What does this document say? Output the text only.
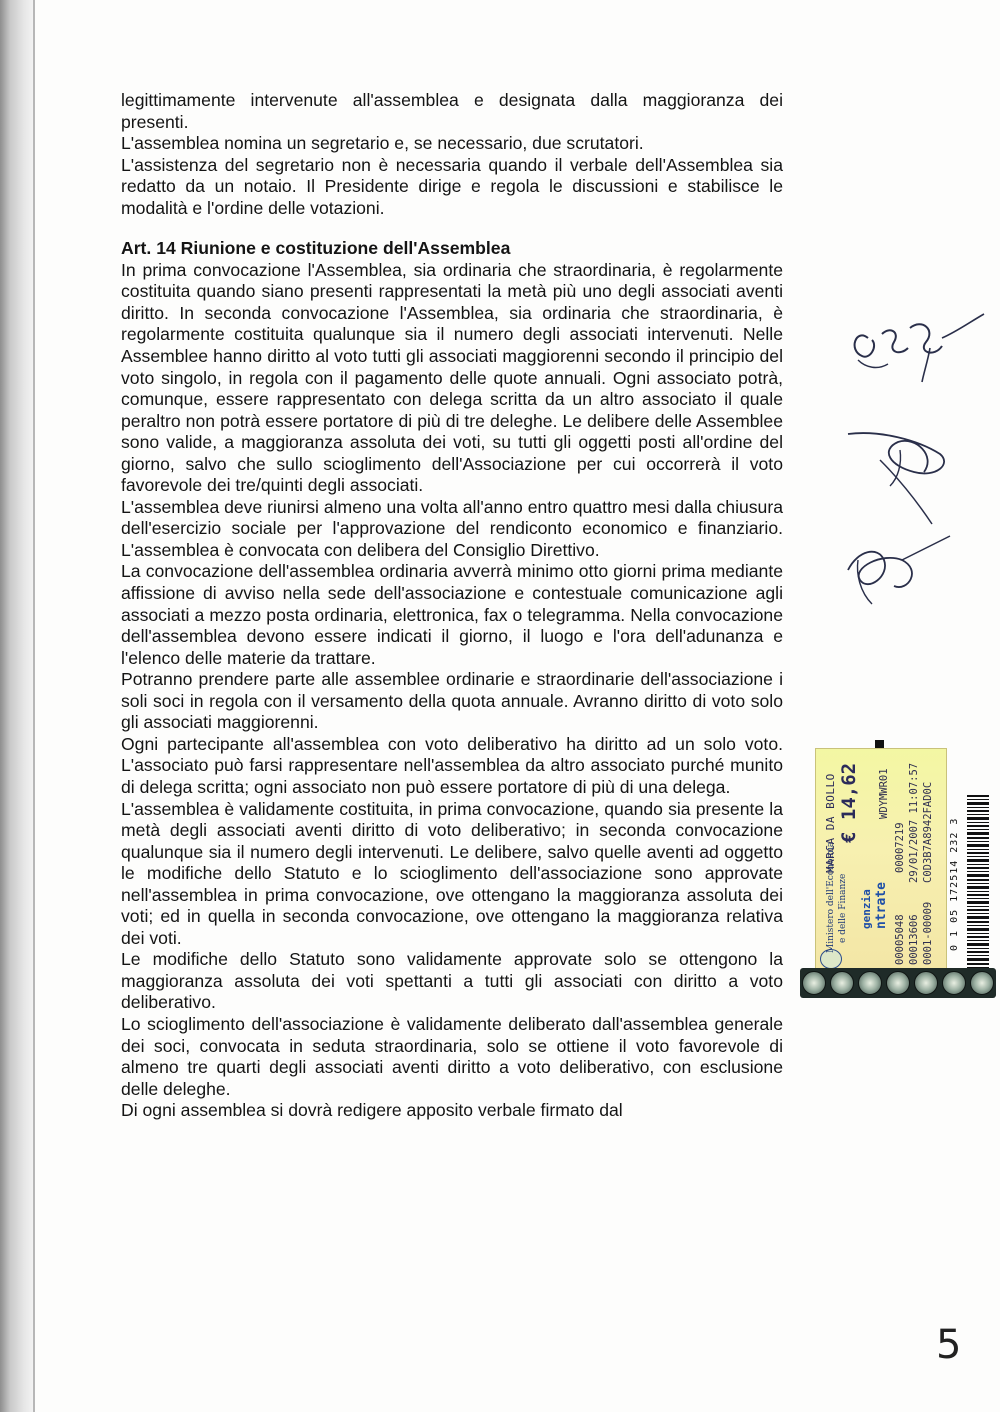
legittimamente intervenute all'assemblea e designata dalla maggioranza dei presenti.

L'assemblea nomina un segretario e, se necessario, due scrutatori.

L'assistenza del segretario non è necessaria quando il verbale dell'Assemblea sia redatto da un notaio. Il Presidente dirige e regola le discussioni e stabilisce le modalità e l'ordine delle votazioni.

Art. 14 Riunione e costituzione dell'Assemblea

In prima convocazione l'Assemblea, sia ordinaria che straordinaria, è regolarmente costituita quando siano presenti rappresentati la metà più uno degli associati aventi diritto. In seconda convocazione l'Assemblea, sia ordinaria che straordinaria, è regolarmente costituita qualunque sia il numero degli associati intervenuti. Nelle Assemblee hanno diritto al voto tutti gli associati maggiorenni secondo il principio del voto singolo, in regola con il pagamento delle quote annuali. Ogni associato potrà, comunque, essere rappresentato con delega scritta da un altro associato il quale peraltro non potrà essere portatore di più di tre deleghe. Le delibere delle Assemblee sono valide, a maggioranza assoluta dei voti, su tutti gli oggetti posti all'ordine del giorno, salvo che sullo scioglimento dell'Associazione per cui occorrerà il voto favorevole dei tre/quinti degli associati.

L'assemblea deve riunirsi almeno una volta all'anno entro quattro mesi dalla chiusura dell'esercizio sociale per l'approvazione del rendiconto economico e finanziario. L'assemblea è convocata con delibera del Consiglio Direttivo.

La convocazione dell'assemblea ordinaria avverrà minimo otto giorni prima mediante affissione di avviso nella sede dell'associazione e contestuale comunicazione agli associati a mezzo posta ordinaria, elettronica, fax o telegramma. Nella convocazione dell'assemblea devono essere indicati il giorno, il luogo e l'ora dell'adunanza e l'elenco delle materie da trattare.

Potranno prendere parte alle assemblee ordinarie e straordinarie dell'associazione i soli soci in regola con il versamento della quota annuale. Avranno diritto di voto solo gli associati maggiorenni.

Ogni partecipante all'assemblea con voto deliberativo ha diritto ad un solo voto. L'associato può farsi rappresentare nell'assemblea da altro associato purché munito di delega scritta; ogni associato non può essere portatore di più di una delega.

L'assemblea è validamente costituita, in prima convocazione, quando sia presente la metà degli associati aventi diritto di voto deliberativo; in seconda convocazione qualunque sia il numero degli intervenuti. Le delibere, salvo quelle aventi ad oggetto le modifiche dello Statuto e lo scioglimento dell'associazione sono approvate nell'assemblea in prima convocazione, ove ottengano la maggioranza assoluta dei voti; ed in quella in seconda convocazione, ove ottengano la maggioranza relativa dei voti.

Le modifiche dello Statuto sono validamente approvate solo se ottengono la maggioranza assoluta dei voti spettanti a tutti gli associati con diritto a voto deliberativo.

Lo scioglimento dell'associazione è validamente deliberato dall'assemblea generale dei soci, convocata in seduta straordinaria, solo se ottiene il voto favorevole di almeno tre quarti degli associati aventi diritto a voto deliberativo, con esclusione delle deleghe.

Di ogni assemblea si dovrà redigere apposito verbale firmato dal

Ministero dell'Economia e delle Finanze genzia ntrate
MARCA DA BOLLO € 14,62
00005048 00013606 0001-00009
00007219 29/01/2007 11:07:57 C0D3B7A8942FAD0C
WDYMWR01
0 1 05 172514 232 3
5
